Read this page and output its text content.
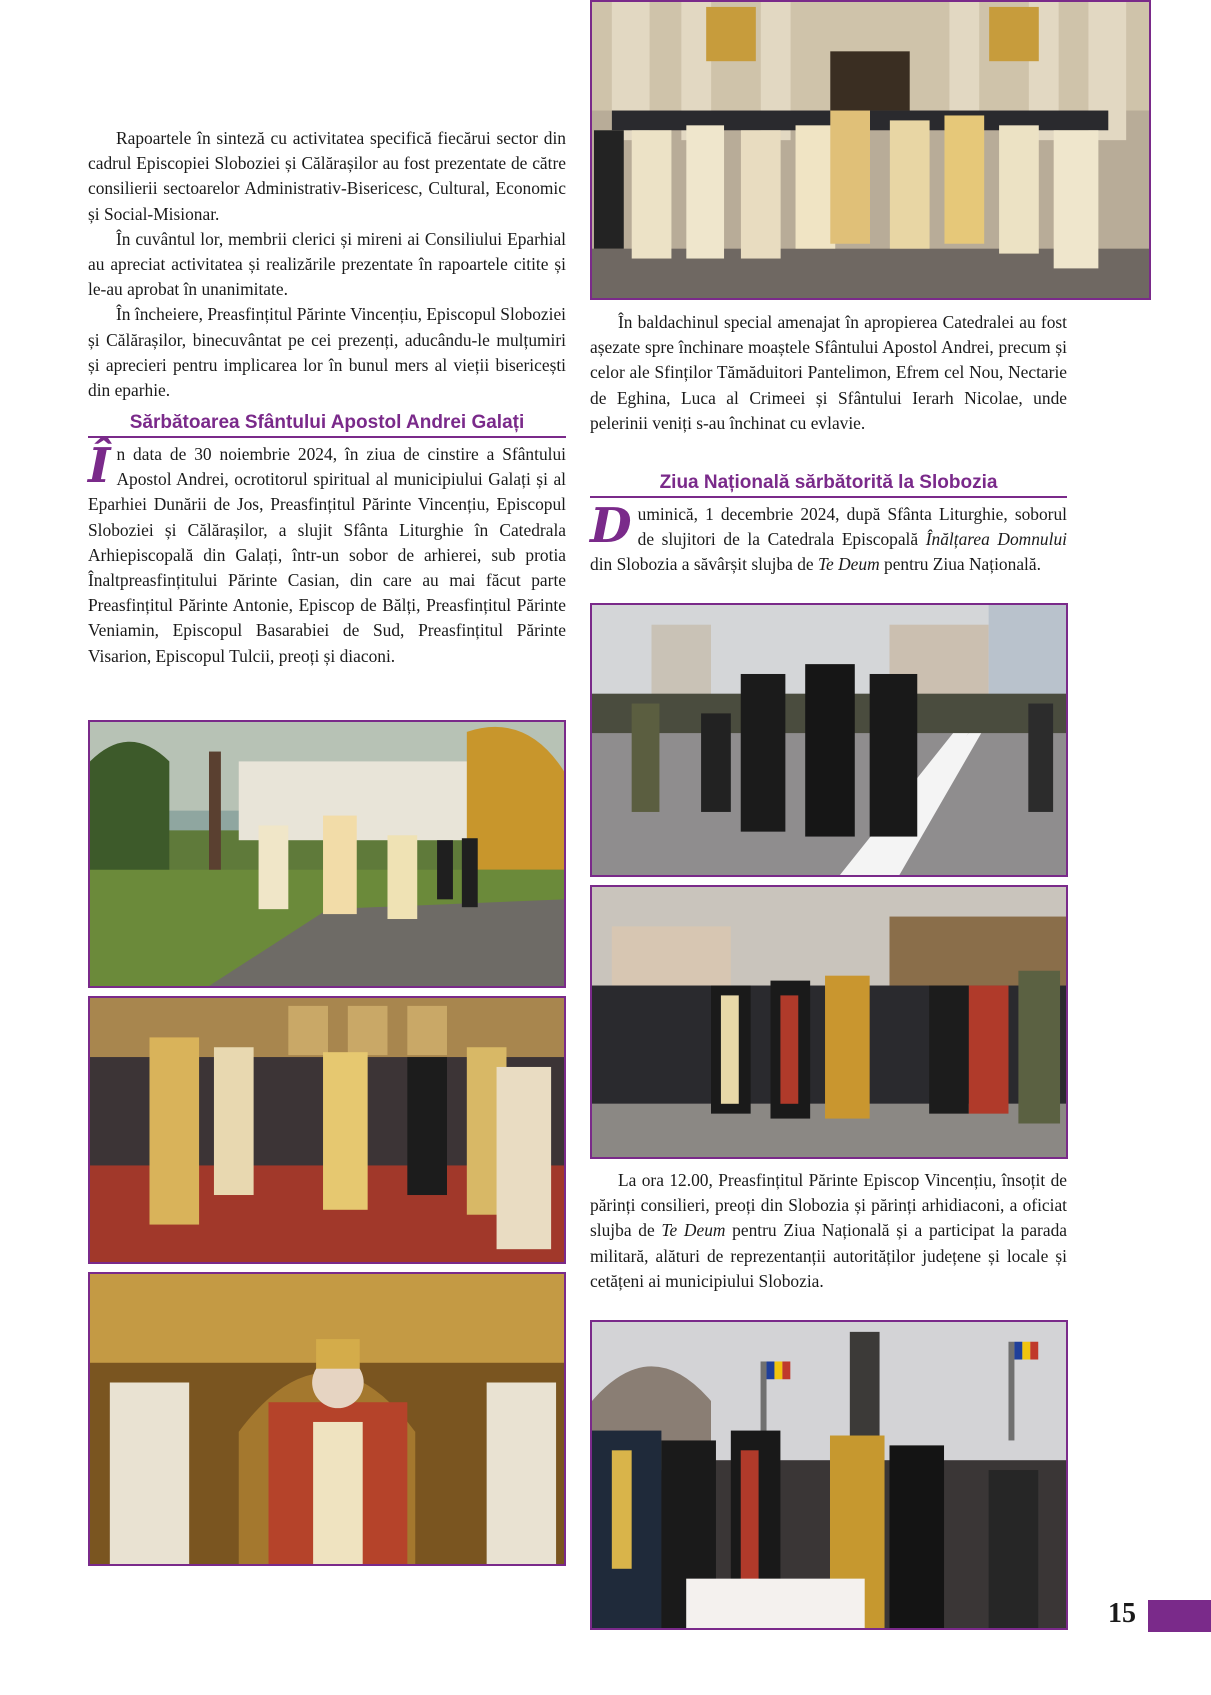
Rapoartele în sinteză cu activitatea specifică fiecărui sector din cadrul Episcopiei Sloboziei și Călărașilor au fost prezentate de către consilierii sectoarelor Administrativ-Bisericesc, Cultural, Economic și Social-Misionar.

În cuvântul lor, membrii clerici și mireni ai Consiliului Eparhial au apreciat activitatea și realizările prezentate în rapoartele citite și le-au aprobat în unanimitate.

În încheiere, Preasfințitul Părinte Vincențiu, Episcopul Sloboziei și Călărașilor, binecuvântat pe cei prezenți, aducându-le mulțumiri și aprecieri pentru implicarea lor în bunul mers al vieții bisericești din eparhie.

Sărbătoarea Sfântului Apostol Andrei Galați

În data de 30 noiembrie 2024, în ziua de cinstire a Sfântului Apostol Andrei, ocrotitorul spiritual al municipiului Galați și al Eparhiei Dunării de Jos, Preasfințitul Părinte Vincențiu, Episcopul Sloboziei și Călărașilor, a slujit Sfânta Liturghie în Catedrala Arhiepiscopală din Galați, într-un sobor de arhierei, sub protia Înaltpreasfințitului Părinte Casian, din care au mai făcut parte Preasfințitul Părinte Antonie, Episcop de Bălți, Preasfințitul Părinte Veniamin, Episcopul Basarabiei de Sud, Preasfințitul Părinte Visarion, Episcopul Tulcii, preoți și diaconi.

În baldachinul special amenajat în apropierea Catedralei au fost așezate spre închinare moaștele Sfântului Apostol Andrei, precum și celor ale Sfinților Tămăduitori Pantelimon, Efrem cel Nou, Nectarie de Eghina, Luca al Crimeei și Sfântului Ierarh Nicolae, unde pelerinii veniți s-au închinat cu evlavie.

Ziua Națională sărbătorită la Slobozia

Duminică, 1 decembrie 2024, după Sfânta Liturghie, soborul de slujitori de la Catedrala Episcopală Înălțarea Domnului din Slobozia a săvârșit slujba de Te Deum pentru Ziua Națională.

La ora 12.00, Preasfințitul Părinte Episcop Vincențiu, însoțit de părinți consilieri, preoți din Slobozia și părinți arhidiaconi, a oficiat slujba de Te Deum pentru Ziua Națională și a participat la parada militară, alături de reprezentanții autorităților județene și locale și cetățeni ai municipiului Slobozia.

15
